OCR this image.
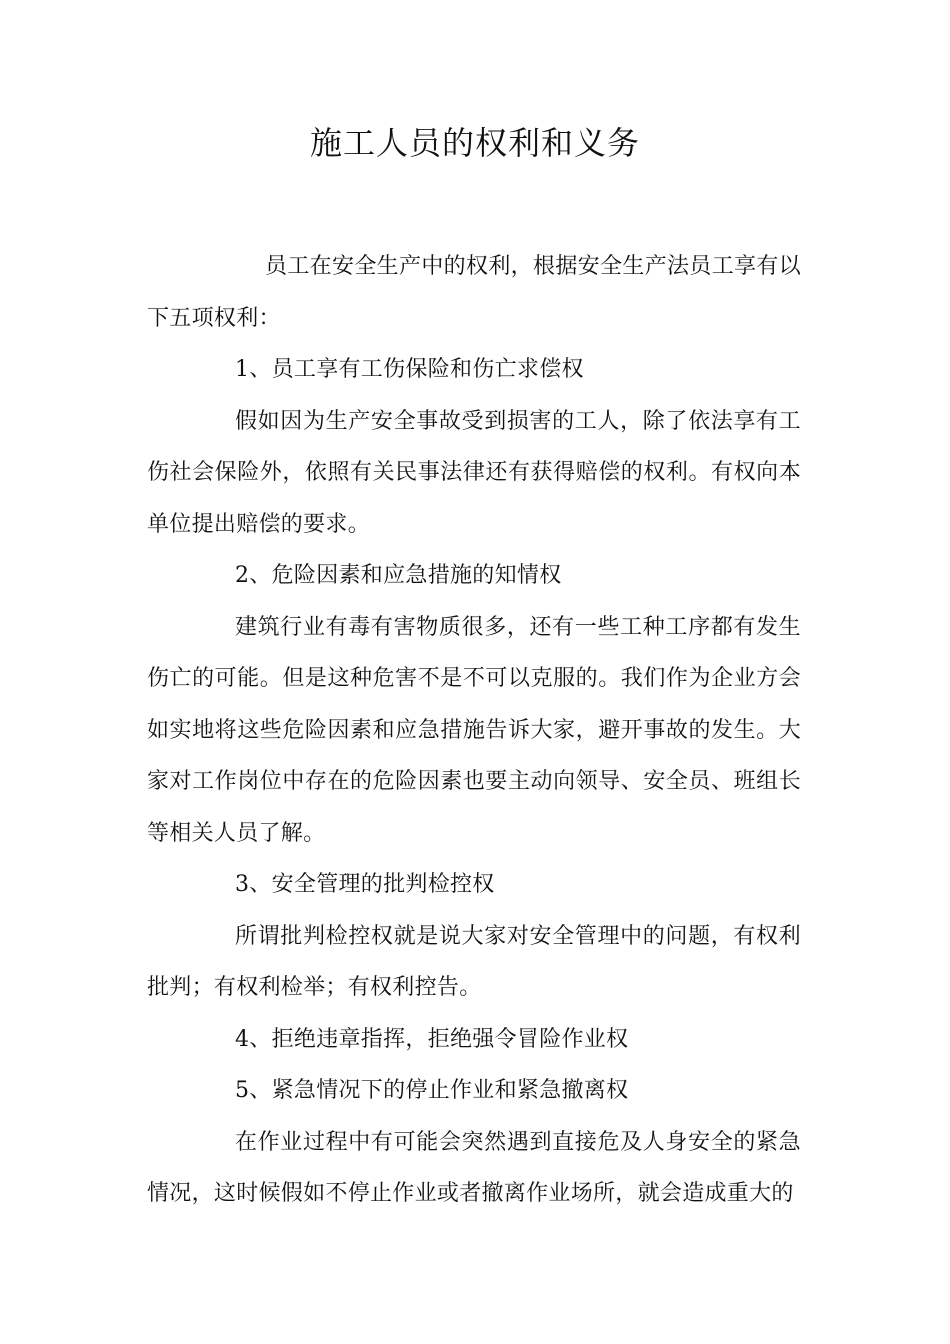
施工人员的权利和义务

员工在安全生产中的权利，根据安全生产法员工享有以下五项权利：

1、员工享有工伤保险和伤亡求偿权

假如因为生产安全事故受到损害的工人，除了依法享有工伤社会保险外，依照有关民事法律还有获得赔偿的权利。有权向本单位提出赔偿的要求。

2、危险因素和应急措施的知情权

建筑行业有毒有害物质很多，还有一些工种工序都有发生伤亡的可能。但是这种危害不是不可以克服的。我们作为企业方会如实地将这些危险因素和应急措施告诉大家，避开事故的发生。大家对工作岗位中存在的危险因素也要主动向领导、安全员、班组长等相关人员了解。

3、安全管理的批判检控权

所谓批判检控权就是说大家对安全管理中的问题，有权利批判；有权利检举；有权利控告。

4、拒绝违章指挥，拒绝强令冒险作业权

5、紧急情况下的停止作业和紧急撤离权

在作业过程中有可能会突然遇到直接危及人身安全的紧急情况，这时候假如不停止作业或者撤离作业场所，就会造成重大的
